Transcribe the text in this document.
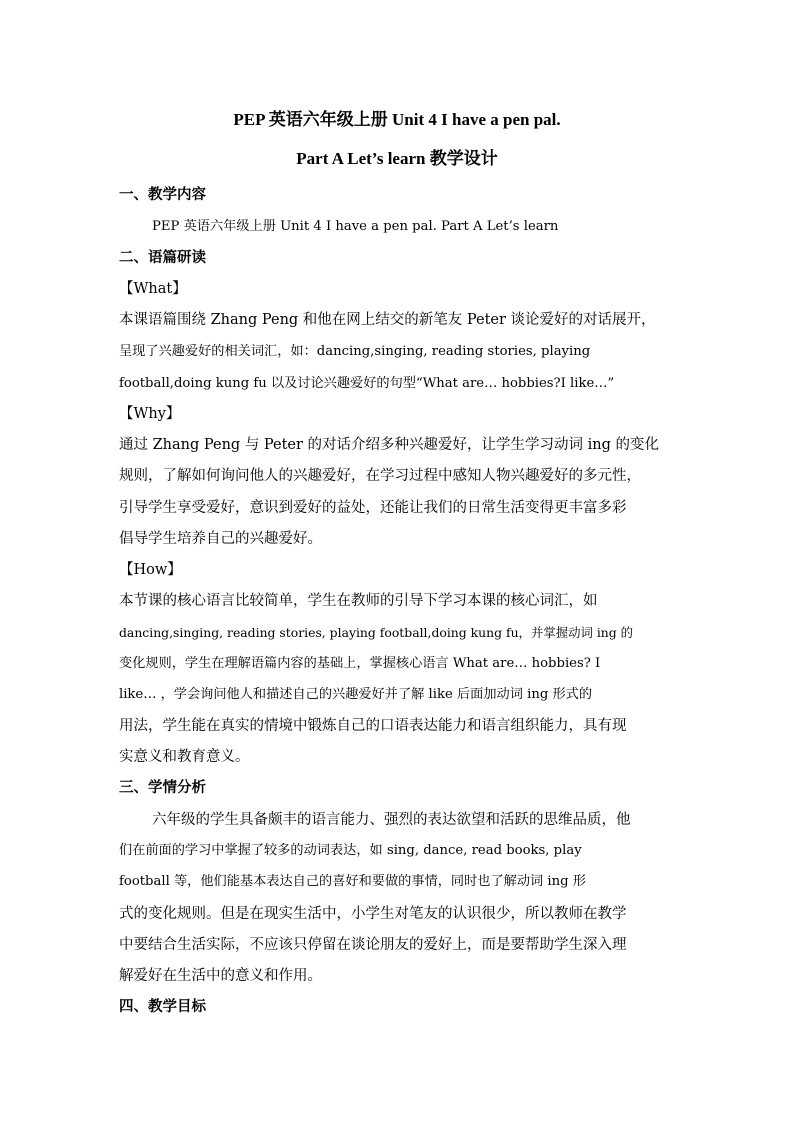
PEP 英语六年级上册 Unit 4 I have a pen pal.
Part A Let’s learn 教学设计
一、教学内容
PEP 英语六年级上册 Unit 4 I have a pen pal. Part A Let’s learn
二、语篇研读
【What】
本课语篇围绕 Zhang Peng 和他在网上结交的新笔友 Peter 谈论爱好的对话展开，
呈现了兴趣爱好的相关词汇，如：dancing,singing, reading stories, playing
football,doing kung fu 以及讨论兴趣爱好的句型“What are… hobbies?I like…”
【Why】
通过 Zhang Peng 与 Peter 的对话介绍多种兴趣爱好，让学生学习动词 ing 的变化
规则，了解如何询问他人的兴趣爱好，在学习过程中感知人物兴趣爱好的多元性，
引导学生享受爱好，意识到爱好的益处，还能让我们的日常生活变得更丰富多彩
倡导学生培养自己的兴趣爱好。
【How】
本节课的核心语言比较简单，学生在教师的引导下学习本课的核心词汇，如
dancing,singing, reading stories, playing football,doing kung fu，并掌握动词 ing 的
变化规则，学生在理解语篇内容的基础上，掌握核心语言 What are… hobbies? I
like… ，学会询问他人和描述自己的兴趣爱好并了解 like 后面加动词 ing 形式的
用法，学生能在真实的情境中锻炼自己的口语表达能力和语言组织能力，具有现
实意义和教育意义。
三、学情分析
六年级的学生具备颇丰的语言能力、强烈的表达欲望和活跃的思维品质，他
们在前面的学习中掌握了较多的动词表达，如 sing, dance, read books, play
football 等，他们能基本表达自己的喜好和要做的事情，同时也了解动词 ing 形
式的变化规则。但是在现实生活中，小学生对笔友的认识很少，所以教师在教学
中要结合生活实际，不应该只停留在谈论朋友的爱好上，而是要帮助学生深入理
解爱好在生活中的意义和作用。
四、教学目标
